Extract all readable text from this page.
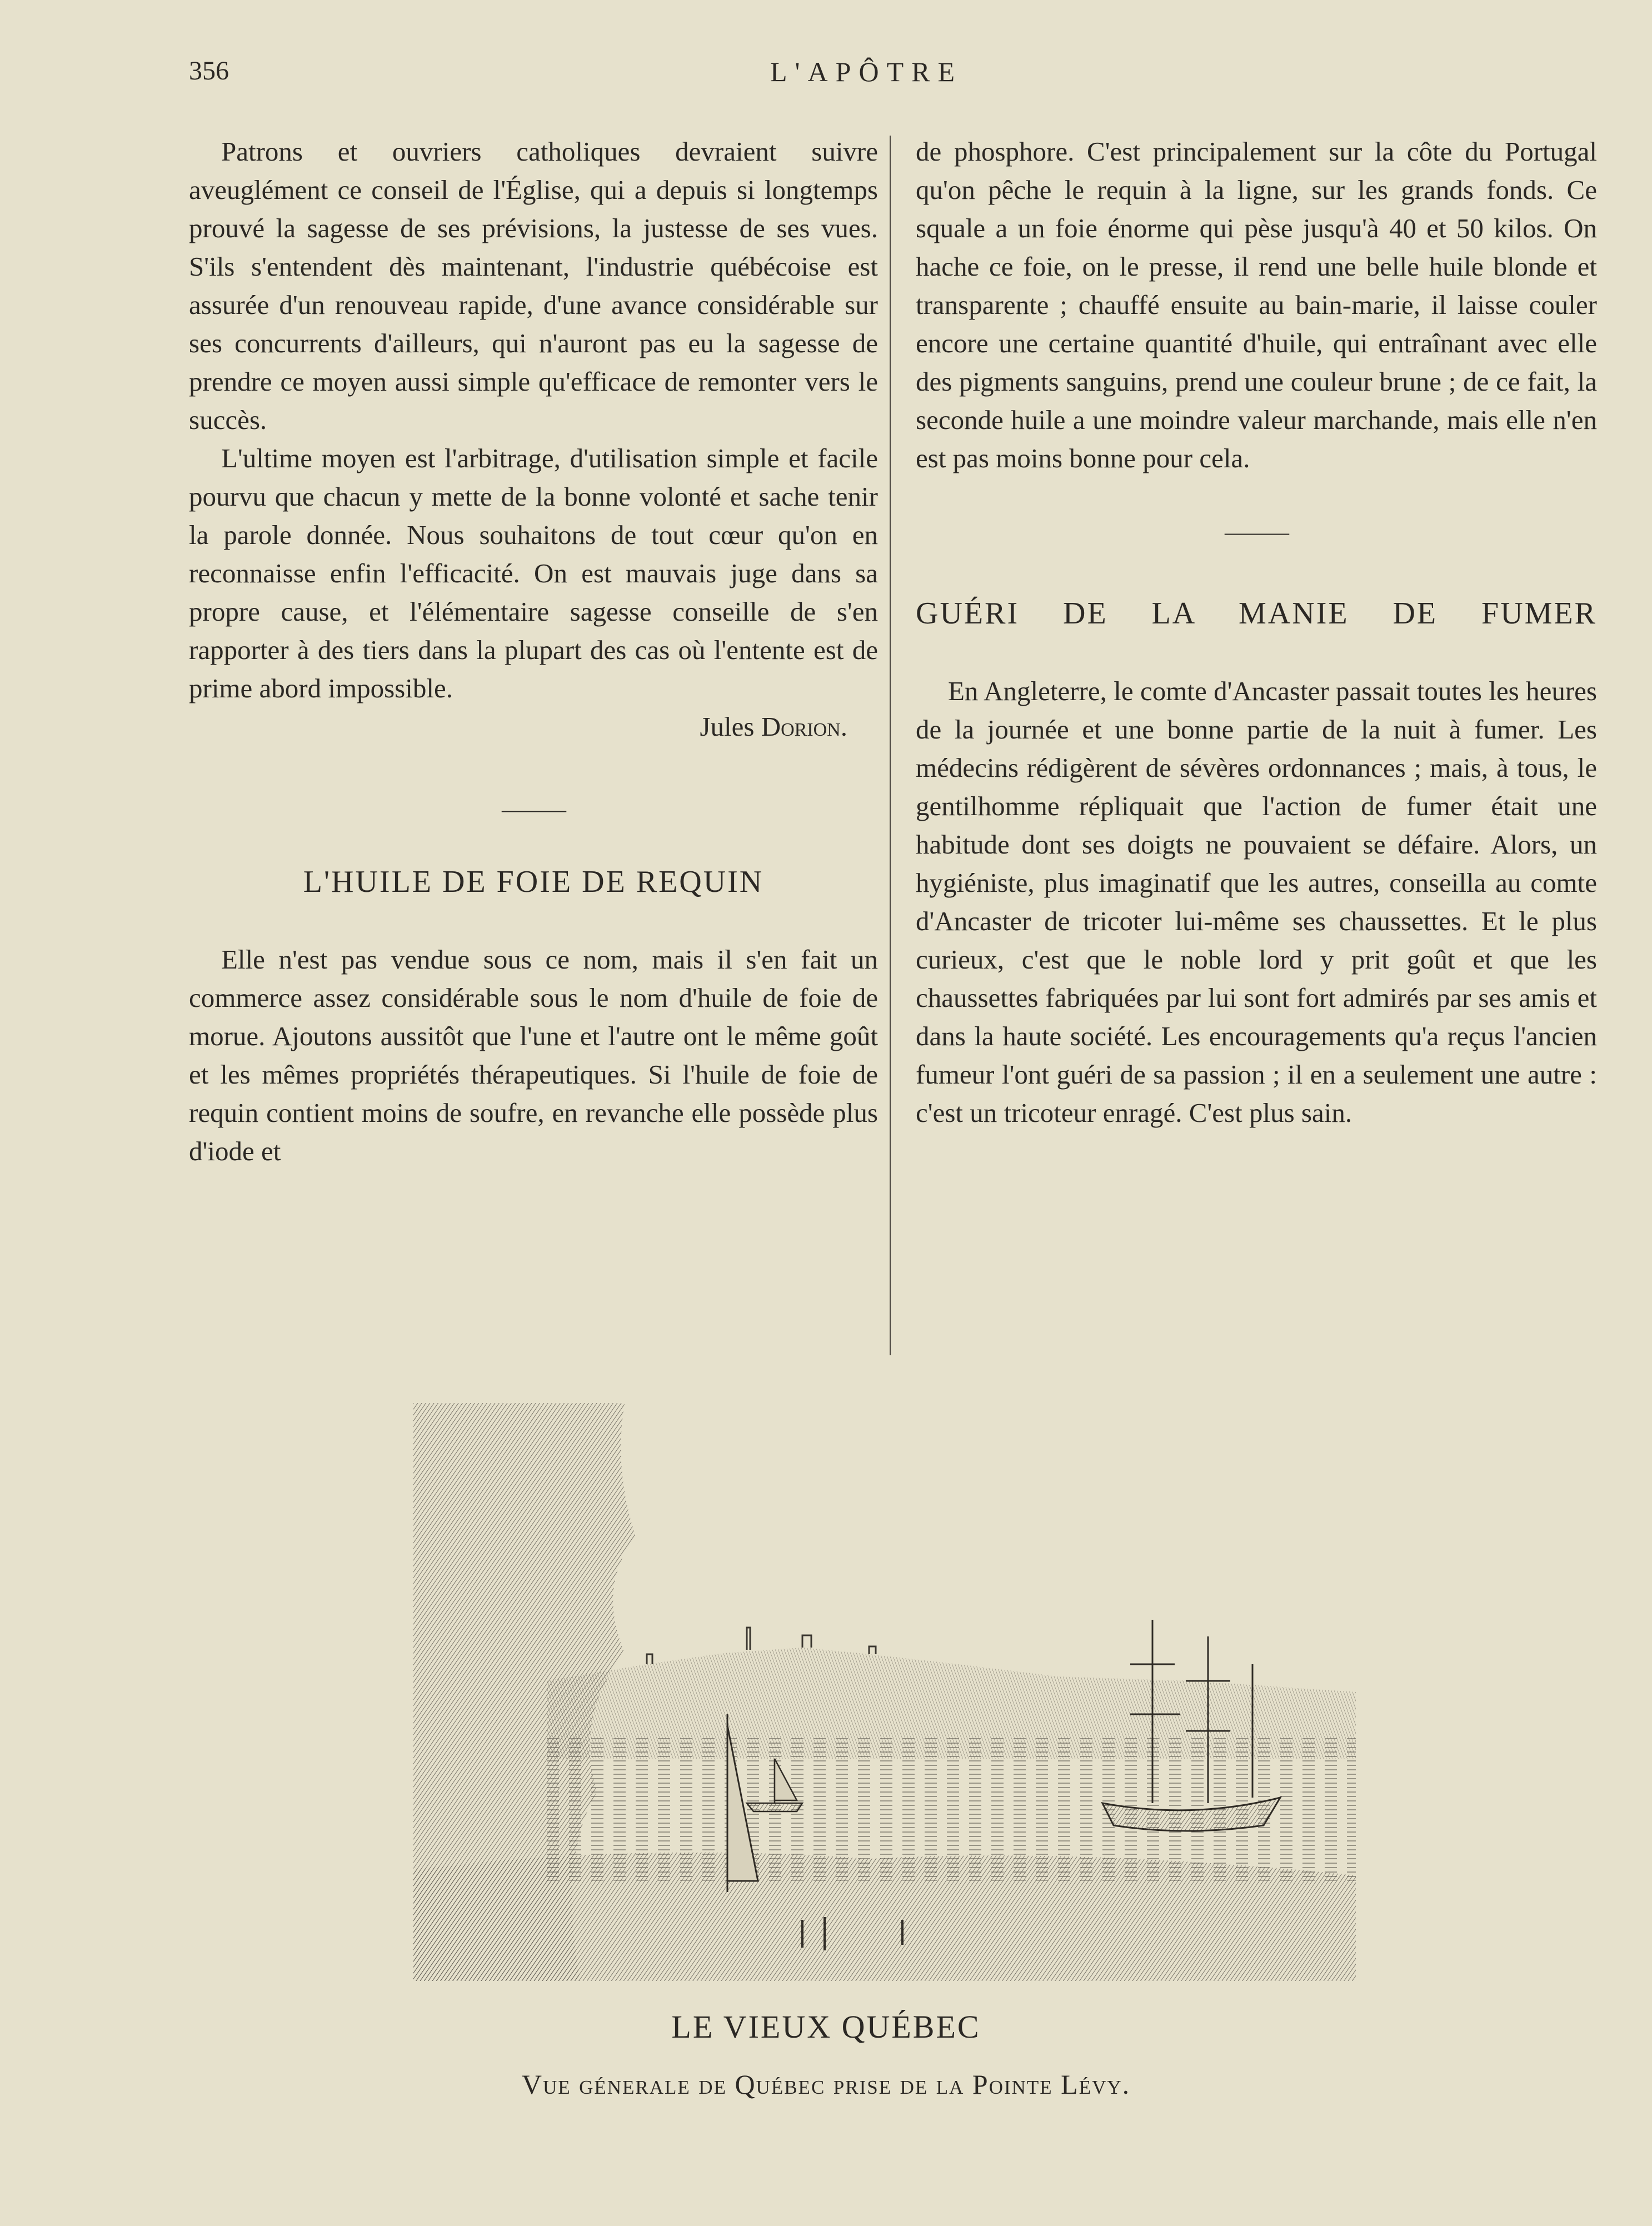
356	L'APÔTRE

Patrons et ouvriers catholiques devraient suivre aveuglément ce conseil de l'Église, qui a depuis si longtemps prouvé la sagesse de ses prévisions, la justesse de ses vues. S'ils s'entendent dès maintenant, l'industrie québécoise est assurée d'un renouveau rapide, d'une avance considérable sur ses concurrents d'ailleurs, qui n'auront pas eu la sagesse de prendre ce moyen aussi simple qu'efficace de remonter vers le succès.

L'ultime moyen est l'arbitrage, d'utilisation simple et facile pourvu que chacun y mette de la bonne volonté et sache tenir la parole donnée. Nous souhaitons de tout cœur qu'on en reconnaisse enfin l'efficacité. On est mauvais juge dans sa propre cause, et l'élémentaire sagesse conseille de s'en rapporter à des tiers dans la plupart des cas où l'entente est de prime abord impossible.

Jules Dorion.

———
L'HUILE DE FOIE DE REQUIN

Elle n'est pas vendue sous ce nom, mais il s'en fait un commerce assez considérable sous le nom d'huile de foie de morue. Ajoutons aussitôt que l'une et l'autre ont le même goût et les mêmes propriétés thérapeutiques. Si l'huile de foie de requin contient moins de soufre, en revanche elle possède plus d'iode et

de phosphore. C'est principalement sur la côte du Portugal qu'on pêche le requin à la ligne, sur les grands fonds. Ce squale a un foie énorme qui pèse jusqu'à 40 et 50 kilos. On hache ce foie, on le presse, il rend une belle huile blonde et transparente ; chauffé ensuite au bain-marie, il laisse couler encore une certaine quantité d'huile, qui entraînant avec elle des pigments sanguins, prend une couleur brune ; de ce fait, la seconde huile a une moindre valeur marchande, mais elle n'en est pas moins bonne pour cela.

———
GUÉRI DE LA MANIE DE FUMER

En Angleterre, le comte d'Ancaster passait toutes les heures de la journée et une bonne partie de la nuit à fumer. Les médecins rédigèrent de sévères ordonnances ; mais, à tous, le gentilhomme répliquait que l'action de fumer était une habitude dont ses doigts ne pouvaient se défaire. Alors, un hygiéniste, plus imaginatif que les autres, conseilla au comte d'Ancaster de tricoter lui-même ses chaussettes. Et le plus curieux, c'est que le noble lord y prit goût et que les chaussettes fabriquées par lui sont fort admirés par ses amis et dans la haute société. Les encouragements qu'a reçus l'ancien fumeur l'ont guéri de sa passion ; il en a seulement une autre : c'est un tricoteur enragé. C'est plus sain.

LE VIEUX QUÉBEC
Vue génerale de Québec prise de la Pointe Lévy.
